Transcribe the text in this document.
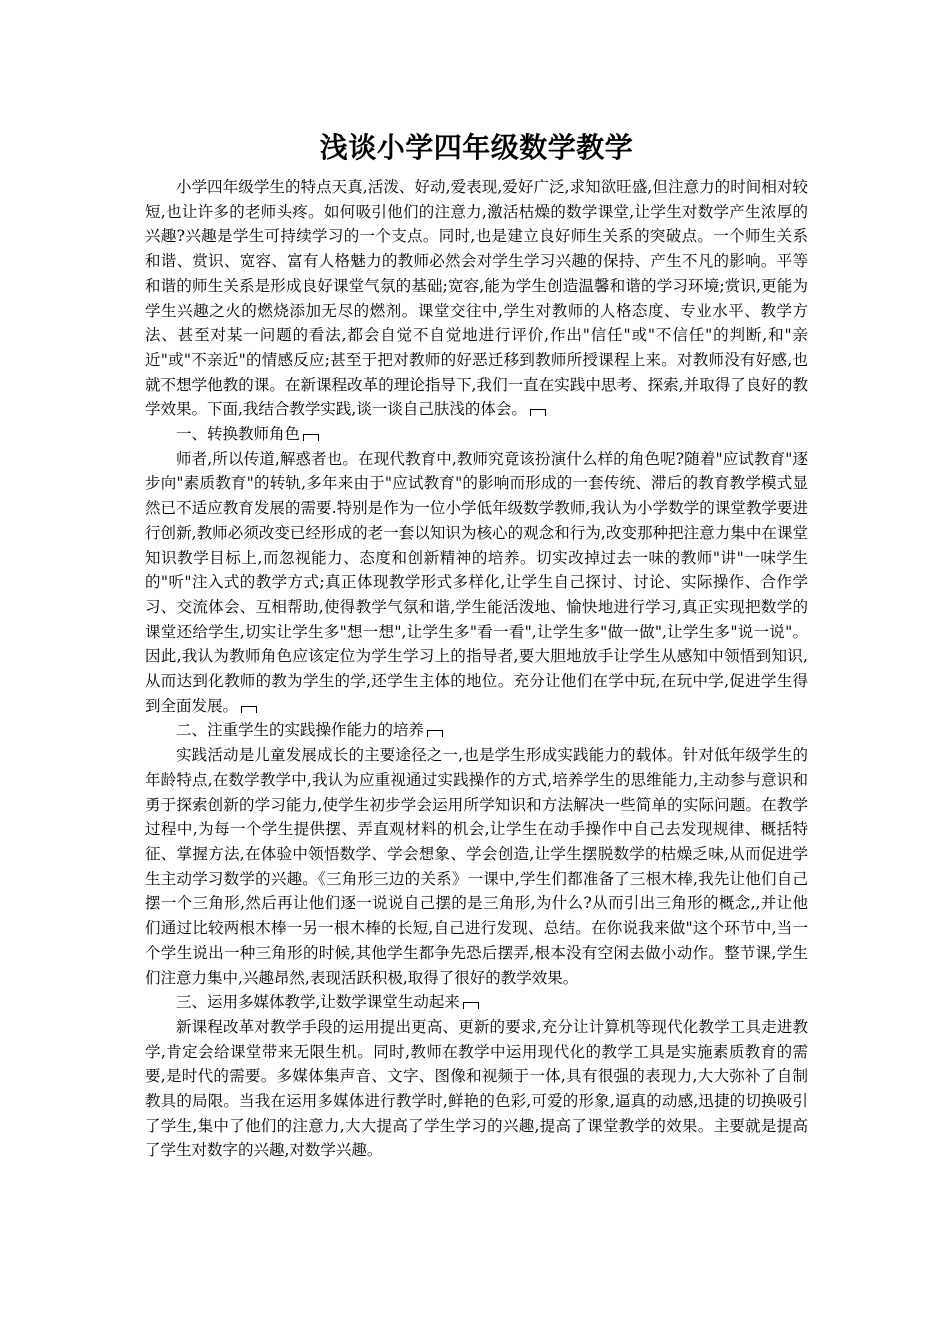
浅谈小学四年级数学教学

小学四年级学生的特点天真,活泼、好动,爱表现,爱好广泛,求知欲旺盛,但注意力的时间相对较短,也让许多的老师头疼。如何吸引他们的注意力,激活枯燥的数学课堂,让学生对数学产生浓厚的兴趣?兴趣是学生可持续学习的一个支点。同时,也是建立良好师生关系的突破点。一个师生关系和谐、赏识、宽容、富有人格魅力的教师必然会对学生学习兴趣的保持、产生不凡的影响。平等和谐的师生关系是形成良好课堂气氛的基础;宽容,能为学生创造温馨和谐的学习环境;赏识,更能为学生兴趣之火的燃烧添加无尽的燃剂。课堂交往中,学生对教师的人格态度、专业水平、教学方法、甚至对某一问题的看法,都会自觉不自觉地进行评价,作出"信任"或"不信任"的判断,和"亲近"或"不亲近"的情感反应;甚至于把对教师的好恶迁移到教师所授课程上来。对教师没有好感,也就不想学他教的课。在新课程改革的理论指导下,我们一直在实践中思考、探索,并取得了良好的教学效果。下面,我结合教学实践,谈一谈自己肤浅的体会。

一、转换教师角色

师者,所以传道,解惑者也。在现代教育中,教师究竟该扮演什么样的角色呢?随着"应试教育"逐步向"素质教育"的转轨,多年来由于"应试教育"的影响而形成的一套传统、滞后的教育教学模式显然已不适应教育发展的需要.特别是作为一位小学低年级数学教师,我认为小学数学的课堂教学要进行创新,教师必须改变已经形成的老一套以知识为核心的观念和行为,改变那种把注意力集中在课堂知识教学目标上,而忽视能力、态度和创新精神的培养。切实改掉过去一味的教师"讲"一味学生的"听"注入式的教学方式;真正体现教学形式多样化,让学生自己探讨、讨论、实际操作、合作学习、交流体会、互相帮助,使得教学气氛和谐,学生能活泼地、愉快地进行学习,真正实现把数学的课堂还给学生,切实让学生多"想一想",让学生多"看一看",让学生多"做一做",让学生多"说一说"。因此,我认为教师角色应该定位为学生学习上的指导者,要大胆地放手让学生从感知中领悟到知识,从而达到化教师的教为学生的学,还学生主体的地位。充分让他们在学中玩,在玩中学,促进学生得到全面发展。

二、注重学生的实践操作能力的培养

实践活动是儿童发展成长的主要途径之一,也是学生形成实践能力的载体。针对低年级学生的年龄特点,在数学教学中,我认为应重视通过实践操作的方式,培养学生的思维能力,主动参与意识和勇于探索创新的学习能力,使学生初步学会运用所学知识和方法解决一些简单的实际问题。在教学过程中,为每一个学生提供摆、弄直观材料的机会,让学生在动手操作中自己去发现规律、概括特征、掌握方法,在体验中领悟数学、学会想象、学会创造,让学生摆脱数学的枯燥乏味,从而促进学生主动学习数学的兴趣。《三角形三边的关系》一课中,学生们都准备了三根木棒,我先让他们自己摆一个三角形,然后再让他们逐一说说自己摆的是三角形,为什么?从而引出三角形的概念,,并让他们通过比较两根木棒一另一根木棒的长短,自己进行发现、总结。在你说我来做"这个环节中,当一个学生说出一种三角形的时候,其他学生都争先恐后摆弄,根本没有空闲去做小动作。整节课,学生们注意力集中,兴趣昂然,表现活跃积极,取得了很好的教学效果。

三、运用多媒体教学,让数学课堂生动起来

新课程改革对教学手段的运用提出更高、更新的要求,充分让计算机等现代化教学工具走进教学,肯定会给课堂带来无限生机。同时,教师在教学中运用现代化的教学工具是实施素质教育的需要,是时代的需要。多媒体集声音、文字、图像和视频于一体,具有很强的表现力,大大弥补了自制教具的局限。当我在运用多媒体进行教学时,鲜艳的色彩,可爱的形象,逼真的动感,迅捷的切换吸引了学生,集中了他们的注意力,大大提高了学生学习的兴趣,提高了课堂教学的效果。主要就是提高了学生对数字的兴趣,对数学兴趣。
